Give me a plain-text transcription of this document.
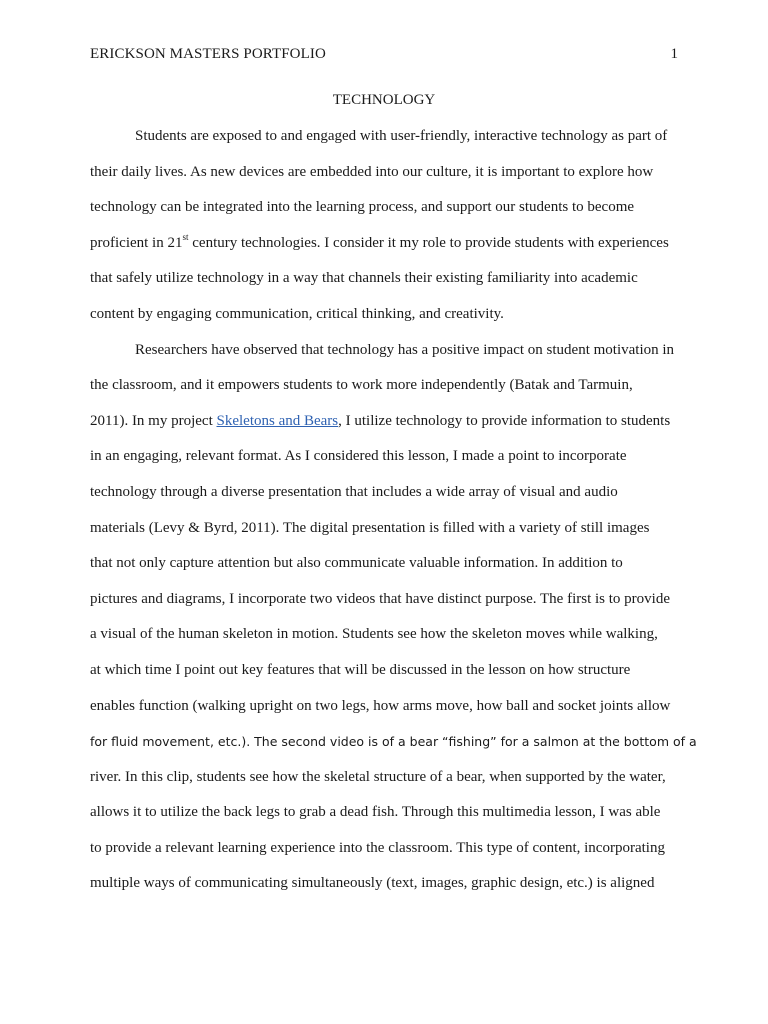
ERICKSON MASTERS PORTFOLIO	1
TECHNOLOGY
Students are exposed to and engaged with user-friendly, interactive technology as part of
their daily lives. As new devices are embedded into our culture, it is important to explore how
technology can be integrated into the learning process, and support our students to become
proficient in 21st century technologies. I consider it my role to provide students with experiences
that safely utilize technology in a way that channels their existing familiarity into academic
content by engaging communication, critical thinking, and creativity.
Researchers have observed that technology has a positive impact on student motivation in
the classroom, and it empowers students to work more independently (Batak and Tarmuin,
2011). In my project Skeletons and Bears, I utilize technology to provide information to students
in an engaging, relevant format. As I considered this lesson, I made a point to incorporate
technology through a diverse presentation that includes a wide array of visual and audio
materials (Levy & Byrd, 2011). The digital presentation is filled with a variety of still images
that not only capture attention but also communicate valuable information. In addition to
pictures and diagrams, I incorporate two videos that have distinct purpose. The first is to provide
a visual of the human skeleton in motion. Students see how the skeleton moves while walking,
at which time I point out key features that will be discussed in the lesson on how structure
enables function (walking upright on two legs, how arms move, how ball and socket joints allow
for fluid movement, etc.). The second video is of a bear “fishing” for a salmon at the bottom of a
river. In this clip, students see how the skeletal structure of a bear, when supported by the water,
allows it to utilize the back legs to grab a dead fish. Through this multimedia lesson, I was able
to provide a relevant learning experience into the classroom. This type of content, incorporating
multiple ways of communicating simultaneously (text, images, graphic design, etc.) is aligned
